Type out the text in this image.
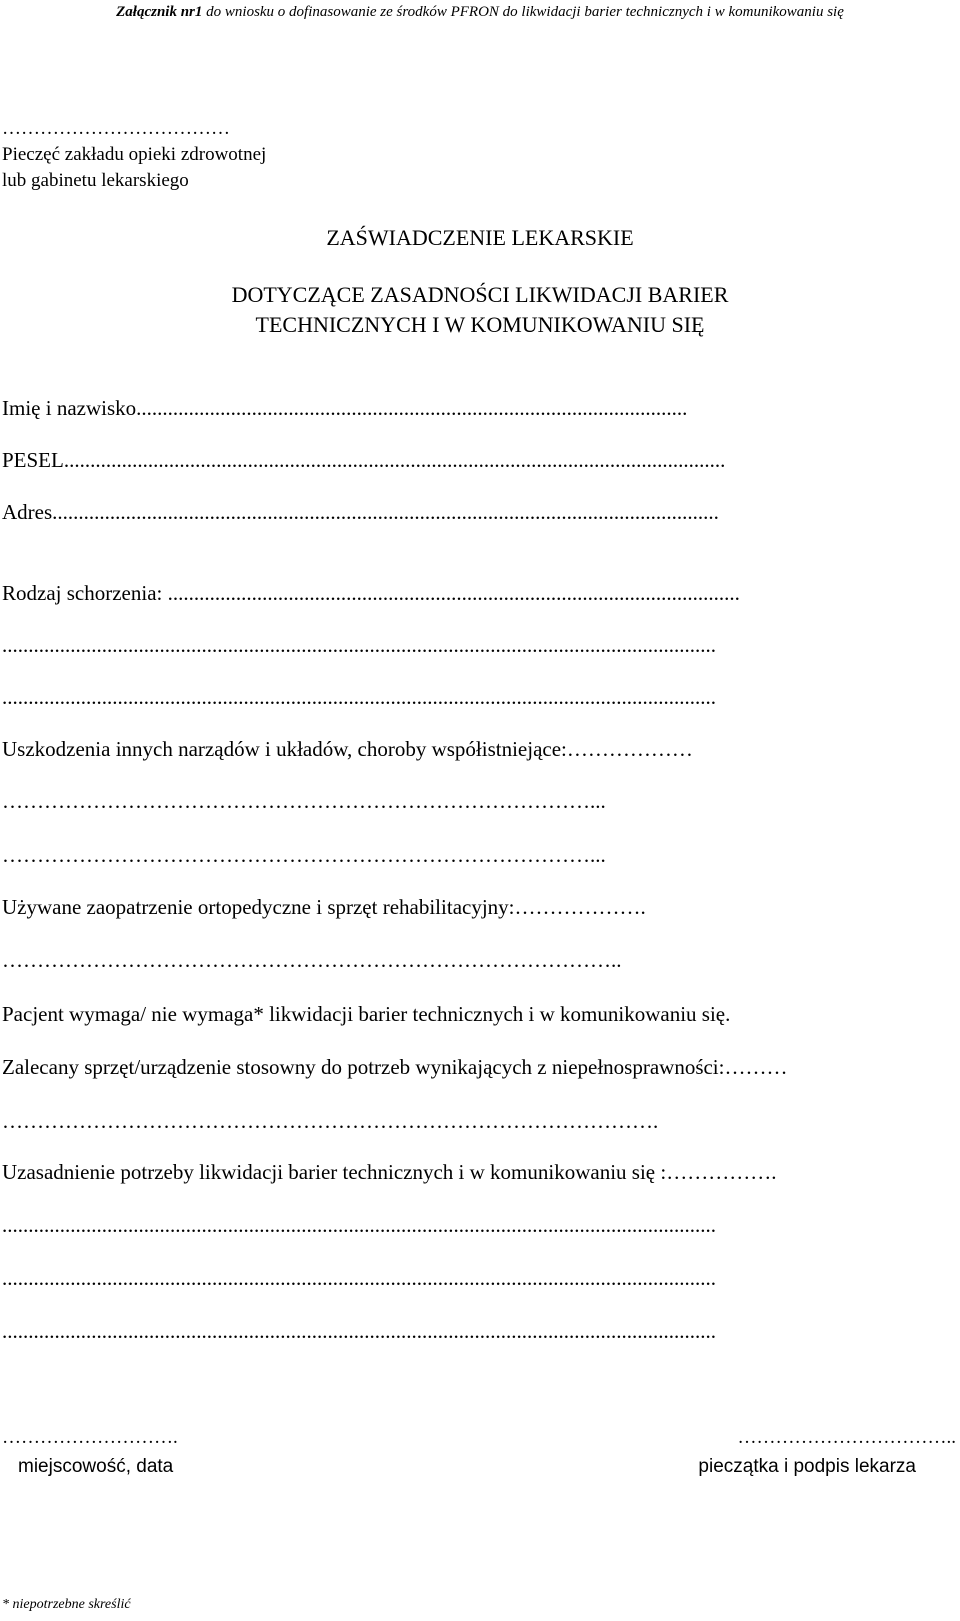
Załącznik nr1 do wniosku o dofinasowanie ze środków PFRON do likwidacji barier technicznych i w komunikowaniu się
………………………………
Pieczęć zakładu opieki zdrowotnej
lub gabinetu lekarskiego
ZAŚWIADCZENIE LEKARSKIE
DOTYCZĄCE ZASADNOŚCI LIKWIDACJI BARIER
TECHNICZNYCH I W KOMUNIKOWANIU SIĘ
Imię i nazwisko.........................................................................................................
PESEL..............................................................................................................................
Adres...............................................................................................................................
Rodzaj schorzenia: .............................................................................................................
........................................................................................................................................
........................................................................................................................................
Uszkodzenia innych narządów i układów, choroby współistniejące:………………
…………………………………………………………………………...
…………………………………………………………………………...
Używane zaopatrzenie ortopedyczne i sprzęt rehabilitacyjny:……………….
……………………………………………………………………………..
Pacjent wymaga/ nie wymaga* likwidacji barier technicznych i w komunikowaniu się.
Zalecany sprzęt/urządzenie stosowny do potrzeb wynikających z niepełnosprawności:………
………………………………………………………………………………….
Uzasadnienie potrzeby likwidacji barier technicznych i w komunikowaniu się :…………….
........................................................................................................................................
........................................................................................................................................
........................................................................................................................................
……………………….
miejscowość, data
……………………………..
pieczątka i podpis lekarza
* niepotrzebne skreślić
